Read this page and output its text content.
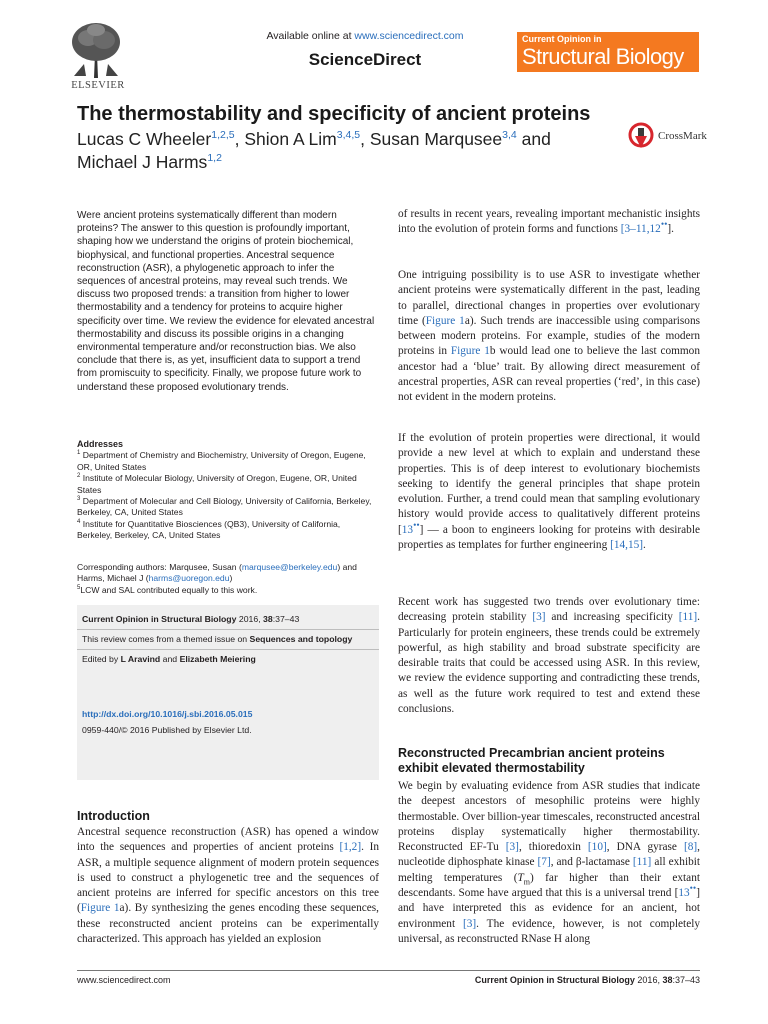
ELSEVIER
Available online at www.sciencedirect.com
ScienceDirect
Current Opinion in
Structural Biology
The thermostability and specificity of ancient proteins
Lucas C Wheeler$^{1,2,5}$, Shion A Lim$^{3,4,5}$, Susan Marqusee$^{3,4}$ and
Michael J Harms$^{1,2}$
CrossMark
Were ancient proteins systematically different than modern proteins? The answer to this question is profoundly important, shaping how we understand the origins of protein biochemical, biophysical, and functional properties. Ancestral sequence reconstruction (ASR), a phylogenetic approach to infer the sequences of ancestral proteins, may reveal such trends. We discuss two proposed trends: a transition from higher to lower thermostability and a tendency for proteins to acquire higher specificity over time. We review the evidence for elevated ancestral thermostability and discuss its possible origins in a changing environmental temperature and/or reconstruction bias. We also conclude that there is, as yet, insufficient data to support a trend from promiscuity to specificity. Finally, we propose future work to understand these proposed evolutionary trends.
Addresses
$^1$ Department of Chemistry and Biochemistry, University of Oregon, Eugene, OR, United States
$^2$ Institute of Molecular Biology, University of Oregon, Eugene, OR, United States
$^3$ Department of Molecular and Cell Biology, University of California, Berkeley, Berkeley, CA, United States
$^4$ Institute for Quantitative Biosciences (QB3), University of California, Berkeley, Berkeley, CA, United States
Corresponding authors: Marqusee, Susan (marqusee@berkeley.edu) and Harms, Michael J (harms@uoregon.edu)
$^5$LCW and SAL contributed equally to this work.
Current Opinion in Structural Biology 2016, 38:37–43
This review comes from a themed issue on Sequences and topology
Edited by L Aravind and Elizabeth Meiering
http://dx.doi.org/10.1016/j.sbi.2016.05.015
0959-440/© 2016 Published by Elsevier Ltd.
Introduction
Ancestral sequence reconstruction (ASR) has opened a window into the sequences and properties of ancient proteins [1,2]. In ASR, a multiple sequence alignment of modern protein sequences is used to construct a phylogenetic tree and the sequences of ancient proteins are inferred for specific ancestors on this tree (Figure 1a). By synthesizing the genes encoding these sequences, these reconstructed ancient proteins can be experimentally characterized. This approach has yielded an explosion
of results in recent years, revealing important mechanistic insights into the evolution of protein forms and functions [3–11,12••].
One intriguing possibility is to use ASR to investigate whether ancient proteins were systematically different in the past, leading to parallel, directional changes in properties over evolutionary time (Figure 1a). Such trends are inaccessible using comparisons between modern proteins. For example, studies of the modern proteins in Figure 1b would lead one to believe the last common ancestor had a ‘blue’ trait. By allowing direct measurement of ancestral properties, ASR can reveal properties (‘red’, in this case) not evident in the modern proteins.
If the evolution of protein properties were directional, it would provide a new level at which to explain and understand these properties. This is of deep interest to evolutionary biochemists seeking to identify the general principles that shape protein evolution. Further, a trend could mean that sampling evolutionary history would provide access to qualitatively different proteins [13••] — a boon to engineers looking for proteins with desirable properties as templates for further engineering [14,15].
Recent work has suggested two trends over evolutionary time: decreasing protein stability [3] and increasing specificity [11]. Particularly for protein engineers, these trends could be extremely powerful, as high stability and broad substrate specificity are desirable traits that could be accessed using ASR. In this review, we review the evidence supporting and contradicting these trends, as well as the future work required to test and extend these conclusions.
Reconstructed Precambrian ancient proteins exhibit elevated thermostability
We begin by evaluating evidence from ASR studies that indicate the deepest ancestors of mesophilic proteins were highly thermostable. Over billion-year timescales, reconstructed ancestral proteins display systematically higher thermostability. Reconstructed EF-Tu [3], thioredoxin [10], DNA gyrase [8], nucleotide diphosphate kinase [7], and β-lactamase [11] all exhibit melting temperatures $(T_m)$ far higher than their extant descendants. Some have argued that this is a universal trend [13••] and have interpreted this as evidence for an ancient, hot environment [3]. The evidence, however, is not completely universal, as reconstructed RNase H along
www.sciencedirect.com	Current Opinion in Structural Biology 2016, 38:37–43
